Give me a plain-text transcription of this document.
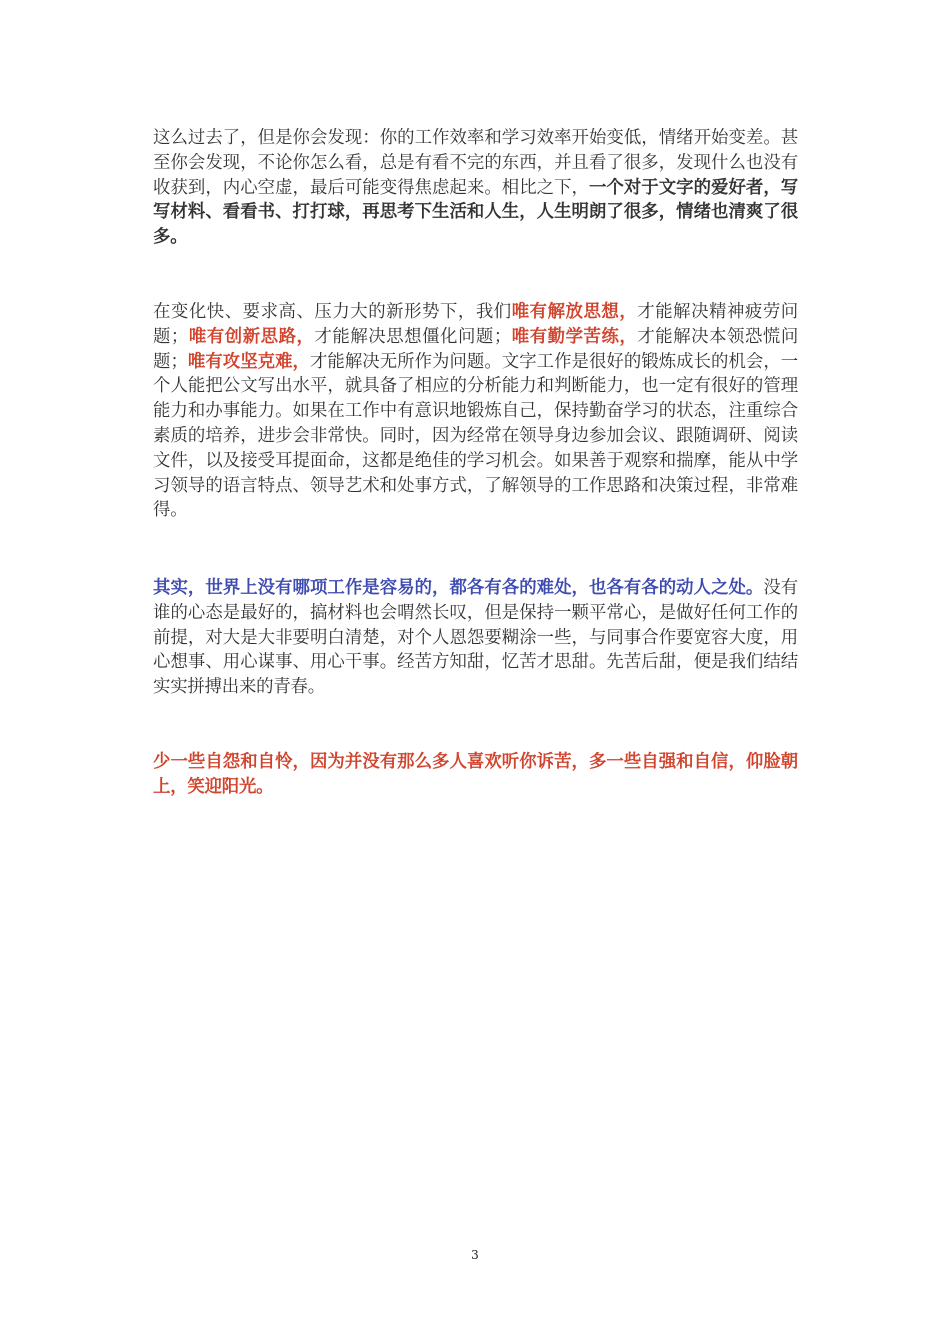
这么过去了，但是你会发现：你的工作效率和学习效率开始变低，情绪开始变差。甚至你会发现，不论你怎么看，总是有看不完的东西，并且看了很多，发现什么也没有收获到，内心空虚，最后可能变得焦虑起来。相比之下，一个对于文字的爱好者，写写材料、看看书、打打球，再思考下生活和人生，人生明朗了很多，情绪也清爽了很多。

在变化快、要求高、压力大的新形势下，我们唯有解放思想，才能解决精神疲劳问题；唯有创新思路，才能解决思想僵化问题；唯有勤学苦练，才能解决本领恐慌问题；唯有攻坚克难，才能解决无所作为问题。文字工作是很好的锻炼成长的机会，一个人能把公文写出水平，就具备了相应的分析能力和判断能力，也一定有很好的管理能力和办事能力。如果在工作中有意识地锻炼自己，保持勤奋学习的状态，注重综合素质的培养，进步会非常快。同时，因为经常在领导身边参加会议、跟随调研、阅读文件，以及接受耳提面命，这都是绝佳的学习机会。如果善于观察和揣摩，能从中学习领导的语言特点、领导艺术和处事方式，了解领导的工作思路和决策过程，非常难得。

其实，世界上没有哪项工作是容易的，都各有各的难处，也各有各的动人之处。没有谁的心态是最好的，搞材料也会喟然长叹，但是保持一颗平常心，是做好任何工作的前提，对大是大非要明白清楚，对个人恩怨要糊涂一些，与同事合作要宽容大度，用心想事、用心谋事、用心干事。经苦方知甜，忆苦才思甜。先苦后甜，便是我们结结实实拼搏出来的青春。

少一些自怨和自怜，因为并没有那么多人喜欢听你诉苦，多一些自强和自信，仰脸朝上，笑迎阳光。

3
